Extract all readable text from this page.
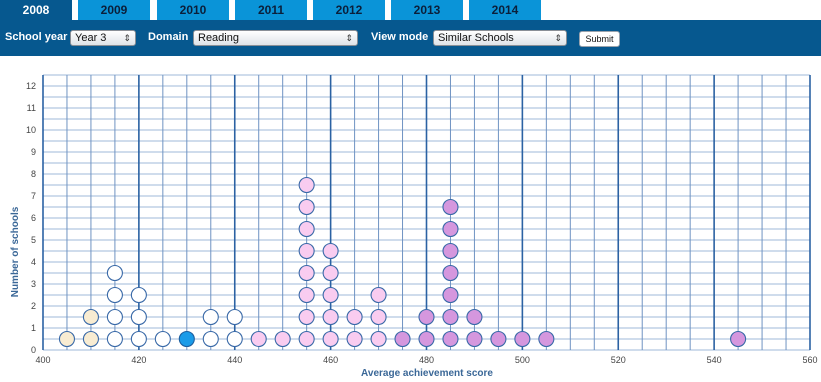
2008	2009	2010	2011	2012	2013	2014
School year Year 3 ⇕ Domain Reading	⇕ View mode Similar Schools	⇕	Submit
400	420	440	460	480	500	520	540	560
0
1
2
3
4
5
6
7
8
9
10
11
12
Average achievement score
Number of schools
